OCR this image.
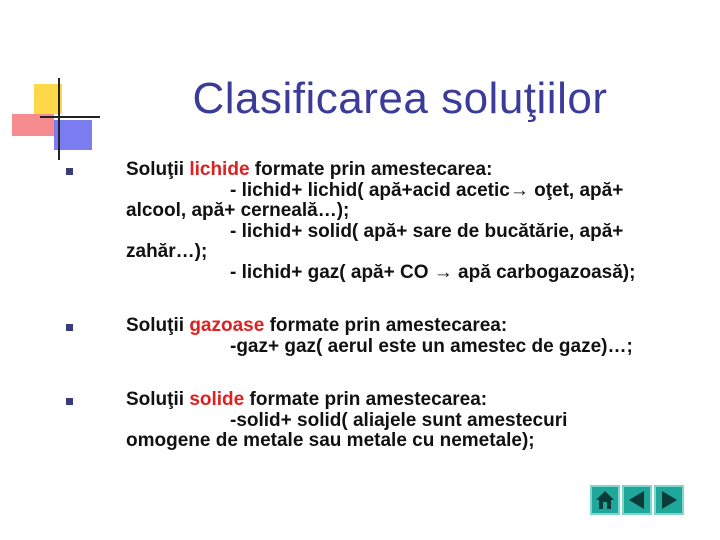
Clasificarea soluţiilor
Soluţii lichide formate prin amestecarea:
- lichid+ lichid( apă+acid acetic→ oţet, apă+
alcool, apă+ cerneală…);
- lichid+ solid( apă+ sare de bucătărie, apă+
zahăr…);
- lichid+ gaz( apă+ CO → apă carbogazoasă);
Soluţii gazoase formate prin amestecarea:
-gaz+ gaz( aerul este un amestec de gaze)…;
Soluţii solide formate prin amestecarea:
-solid+ solid( aliajele sunt amestecuri
omogene de metale sau metale cu nemetale);
